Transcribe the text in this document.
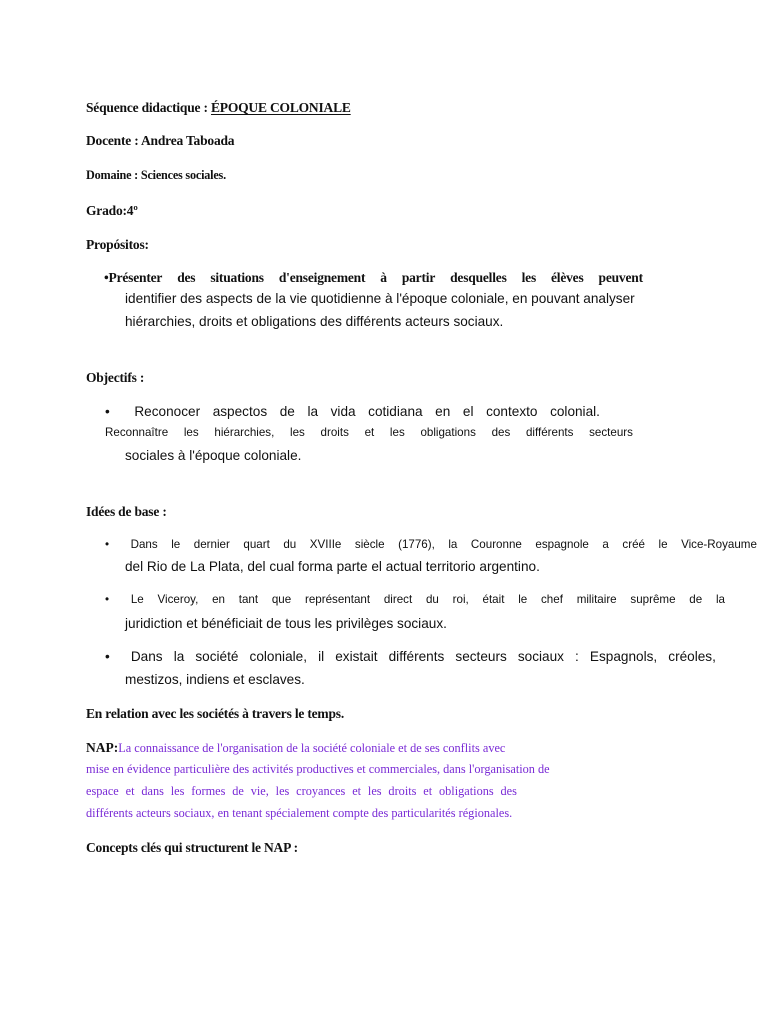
Séquence didactique : ÉPOQUE COLONIALE
Docente : Andrea Taboada
Domaine : Sciences sociales.
Grado:4º
Propósitos:
•Présenter des situations d'enseignement à partir desquelles les élèves peuvent
identifier des aspects de la vie quotidienne à l'époque coloniale, en pouvant analyser
hiérarchies, droits et obligations des différents acteurs sociaux.
Objectifs :
• Reconocer aspectos de la vida cotidiana en el contexto colonial.
Reconnaître les hiérarchies, les droits et les obligations des différents secteurs
sociales à l'époque coloniale.
Idées de base :
• Dans le dernier quart du XVIIIe siècle (1776), la Couronne espagnole a créé le Vice-Royaume
del Rio de La Plata, del cual forma parte el actual territorio argentino.
• Le Viceroy, en tant que représentant direct du roi, était le chef militaire suprême de la
juridiction et bénéficiait de tous les privilèges sociaux.
• Dans la société coloniale, il existait différents secteurs sociaux : Espagnols, créoles,
mestizos, indiens et esclaves.
En relation avec les sociétés à travers le temps.
NAP:La connaissance de l'organisation de la société coloniale et de ses conflits avec
mise en évidence particulière des activités productives et commerciales, dans l'organisation de
espace et dans les formes de vie, les croyances et les droits et obligations des
différents acteurs sociaux, en tenant spécialement compte des particularités régionales.
Concepts clés qui structurent le NAP :
